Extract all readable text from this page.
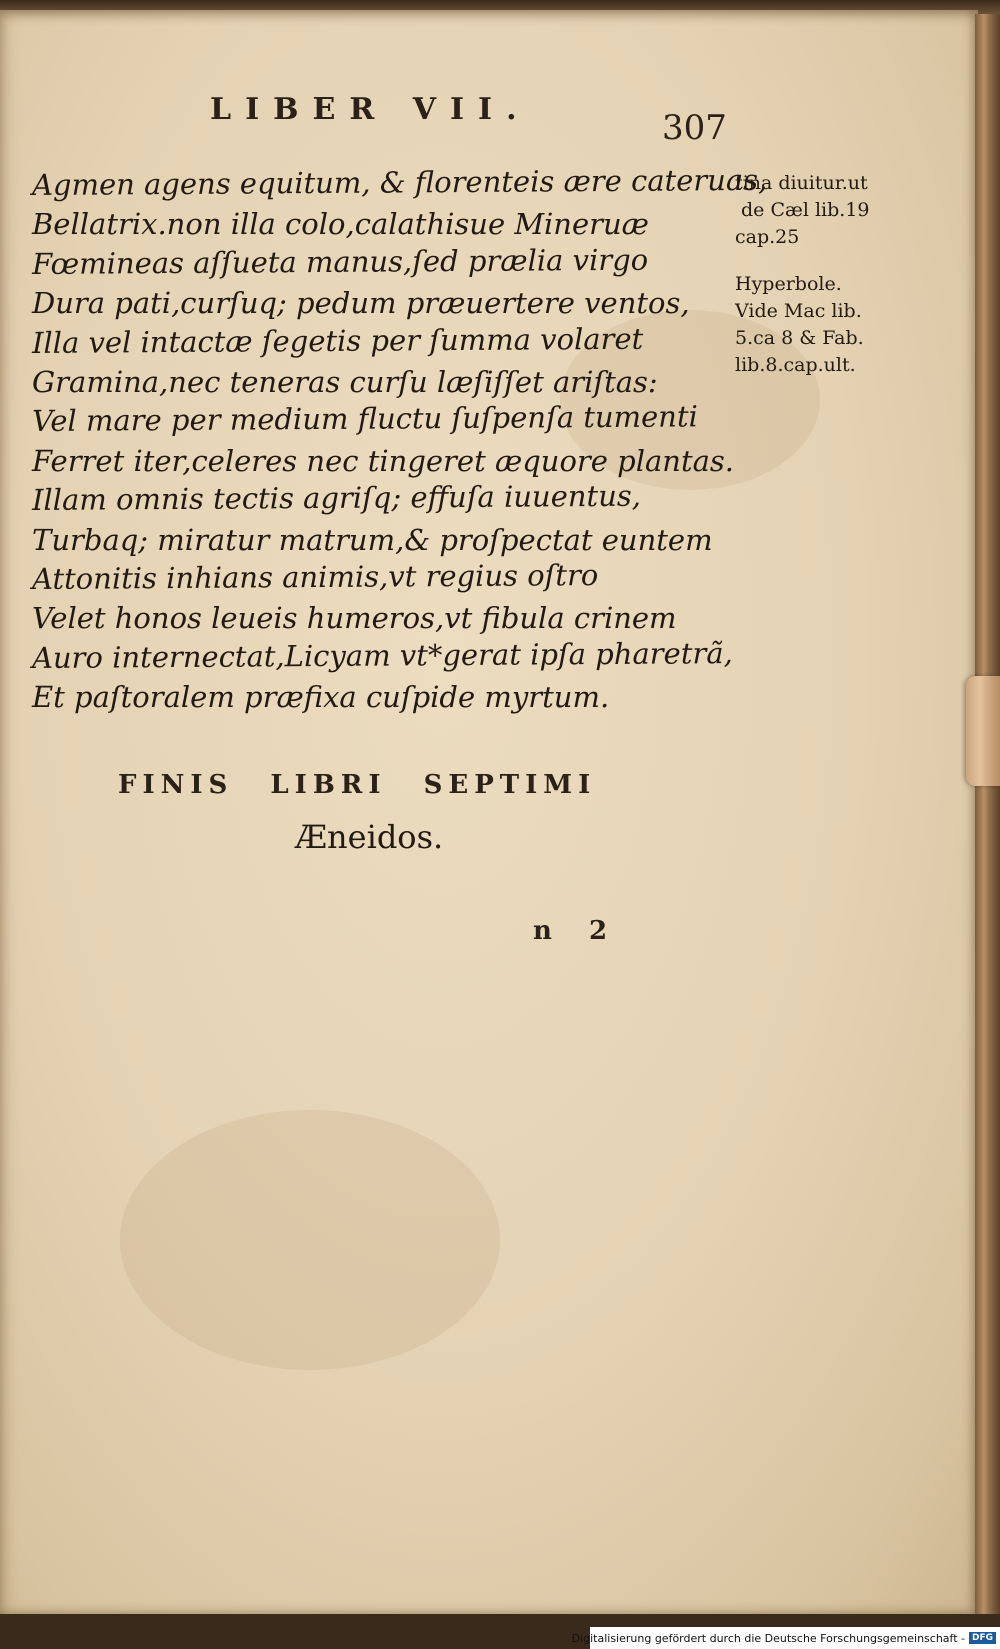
LIBER VII.	307
Agmen agens equitum, & florenteis ære cateruas,
Bellatrix.non illa colo,calathisue Mineruæ
Fœmineas aſſueta manus,ſed prælia virgo
Dura pati,curſuq; pedum præuertere ventos,
Illa vel intactæ ſegetis per ſumma volaret
Gramina,nec teneras curſu læſiſſet ariſtas:
Vel mare per medium fluctu ſuſpenſa tumenti
Ferret iter,celeres nec tingeret æquore plantas.
Illam omnis tectis agriſq; effuſa iuuentus,
Turbaq; miratur matrum,& proſpectat euntem
Attonitis inhians animis,vt regius oſtro
Velet honos leueis humeros,vt fibula crinem
Auro internectat,Licyam vt*gerat ipſa pharetrã,
Et paſtoralem præfixa cuſpide myrtum.
tina diuitur.ut
de Cæl lib.19
cap.25
Hyperbole.
Vide Mac lib.
5.ca 8 & Fab.
lib.8.cap.ult.
FINIS LIBRI SEPTIMI
Æneidos.
n 2
Digitalisierung gefördert durch die Deutsche Forschungsgemeinschaft - DFG
